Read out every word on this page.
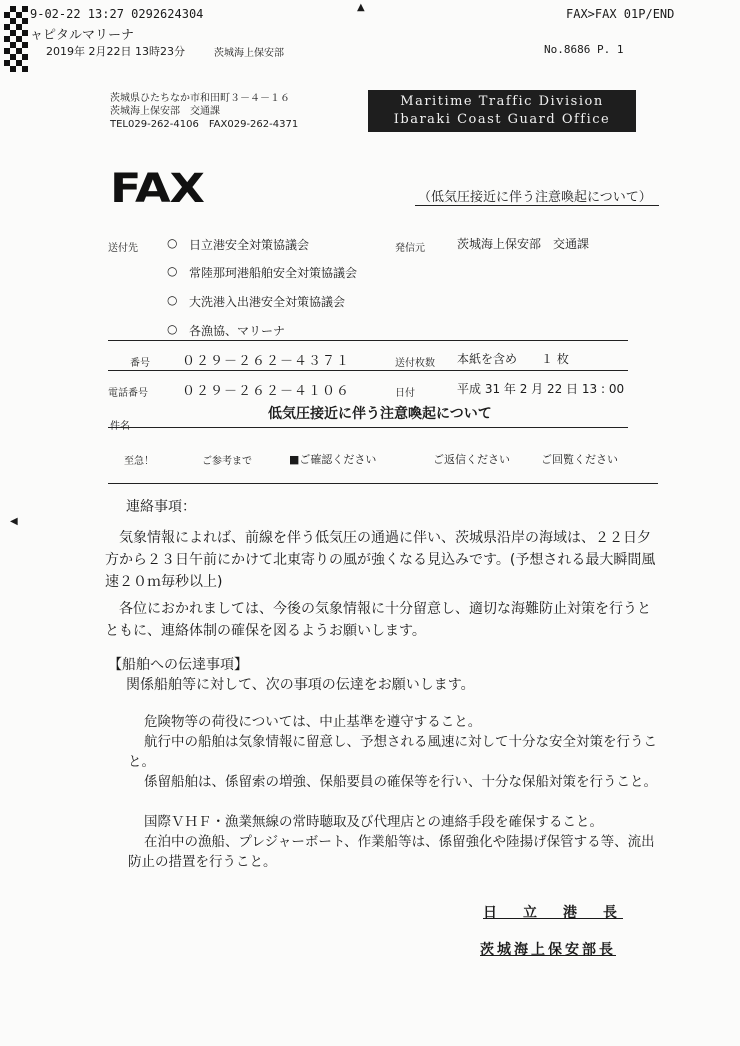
▲
◀
9-02-22 13:27 0292624304	FAX>FAX 01P/END
ャピタルマリーナ
2019年 2月22日 13時23分	茨城海上保安部	No.8686 P. 1
茨城県ひたちなか市和田町３－４－１６
茨城海上保安部　交通課
TEL029-262-4106　FAX029-262-4371
Maritime Traffic Division
Ibaraki Coast Guard Office
FAX	（低気圧接近に伴う注意喚起について）
送付先 ○ 日立港安全対策協議会
○ 常陸那珂港船舶安全対策協議会
○ 大洗港入出港安全対策協議会
○ 各漁協、マリーナ
発信元	茨城海上保安部　交通課
番号 ０２９－２６２－４３７１	送付枚数 本紙を含め　　１ 枚
電話番号	０２９－２６２－４１０６	日付	平成 31 年 2 月 22 日 13 : 00
件名
低気圧接近に伴う注意喚起について
至急！	ご参考まで	■ご確認ください	ご返信ください	ご回覧ください
連絡事項：
気象情報によれば、前線を伴う低気圧の通過に伴い、茨城県沿岸の海域は、２２日夕方から２３日午前にかけて北東寄りの風が強くなる見込みです。(予想される最大瞬間風速２０ｍ毎秒以上)
各位におかれましては、今後の気象情報に十分留意し、適切な海難防止対策を行うとともに、連絡体制の確保を図るようお願いします。
【船舶への伝達事項】
関係船舶等に対して、次の事項の伝達をお願いします。
危険物等の荷役については、中止基準を遵守すること。
航行中の船舶は気象情報に留意し、予想される風速に対して十分な安全対策を行うこと。
係留船舶は、係留索の増強、保船要員の確保等を行い、十分な保船対策を行うこと。
国際ＶＨＦ・漁業無線の常時聴取及び代理店との連絡手段を確保すること。
在泊中の漁船、プレジャーボート、作業船等は、係留強化や陸揚げ保管する等、流出防止の措置を行うこと。
日　立　港　長
茨城海上保安部長
